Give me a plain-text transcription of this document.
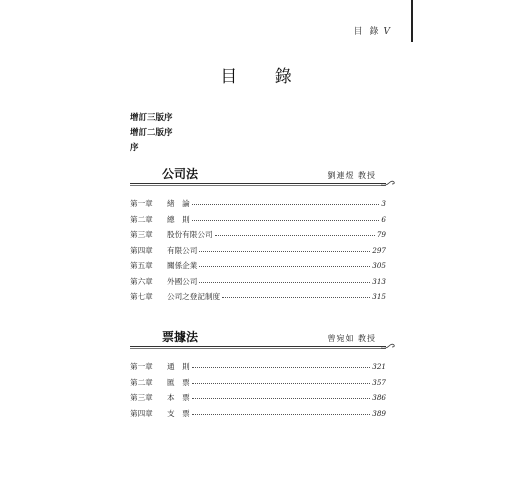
目 錄 V
目 錄
增訂三版序
增訂二版序
序
公司法	劉連煜 教授
第一章	緒　論	3
第二章	總　則	6
第三章	股份有限公司	79
第四章	有限公司	297
第五章	關係企業	305
第六章	外國公司	313
第七章	公司之登記制度	315
票據法	曾宛如 教授
第一章	通　則	321
第二章	匯　票	357
第三章	本　票	386
第四章	支　票	389
